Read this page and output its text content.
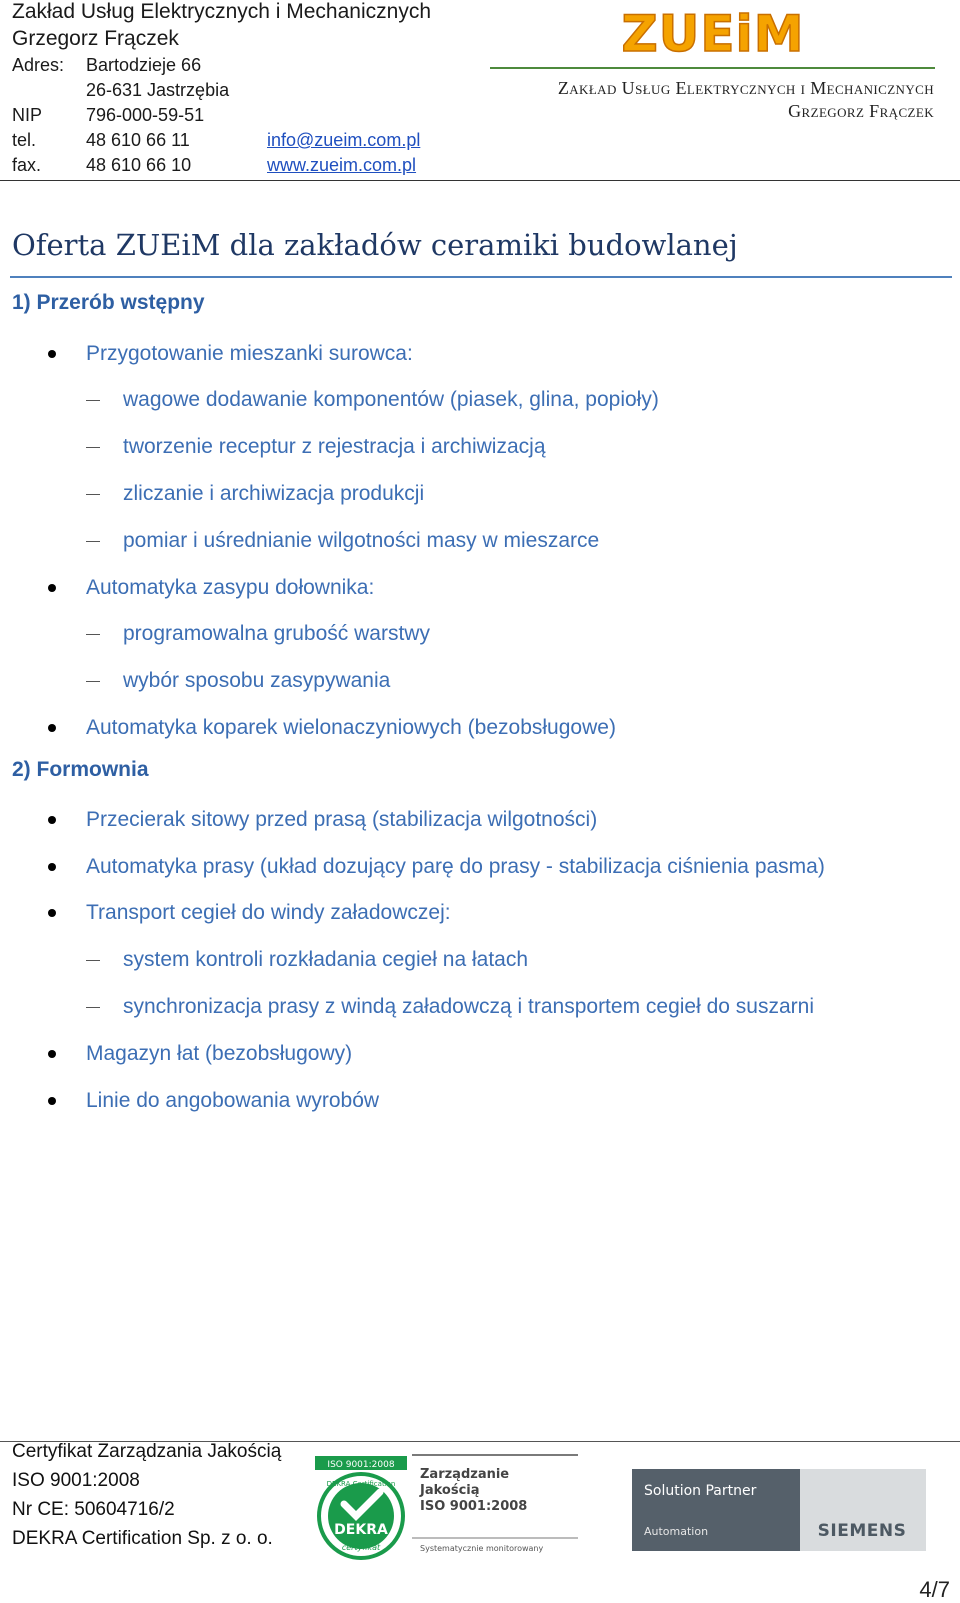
Zakład Usług Elektrycznych i Mechanicznych
Grzegorz Frączek
Adres:	Bartodzieje 66
26-631 Jastrzębia
NIP	796-000-59-51
tel.	48 610 66 11	info@zueim.com.pl
fax.	48 610 66 10	www.zueim.com.pl
ZUEiM
Zakład Usług Elektrycznych i Mechanicznych
Grzegorz Frączek
Oferta ZUEiM dla zakładów ceramiki budowlanej
1) Przerób wstępny
Przygotowanie mieszanki surowca:
wagowe dodawanie komponentów (piasek, glina, popioły)
tworzenie receptur z rejestracja i archiwizacją
zliczanie i archiwizacja produkcji
pomiar i uśrednianie wilgotności masy w mieszarce
Automatyka zasypu dołownika:
programowalna grubość warstwy
wybór sposobu zasypywania
Automatyka koparek wielonaczyniowych (bezobsługowe)
2) Formownia
Przecierak sitowy przed prasą (stabilizacja wilgotności)
Automatyka prasy (układ dozujący parę do prasy - stabilizacja ciśnienia pasma)
Transport cegieł do windy załadowczej:
system kontroli rozkładania cegieł na łatach
synchronizacja prasy z windą załadowczą i transportem cegieł do suszarni
Magazyn łat (bezobsługowy)
Linie do angobowania wyrobów
Certyfikat Zarządzania Jakością
ISO 9001:2008
Nr CE: 50604716/2
DEKRA Certification Sp. z o. o.
ISO 9001:2008
DEKRA Certification
DEKRA
certyfikat
Zarządzanie
Jakością
ISO 9001:2008
Systematycznie monitorowany
Solution Partner
Automation	SIEMENS
4/7
